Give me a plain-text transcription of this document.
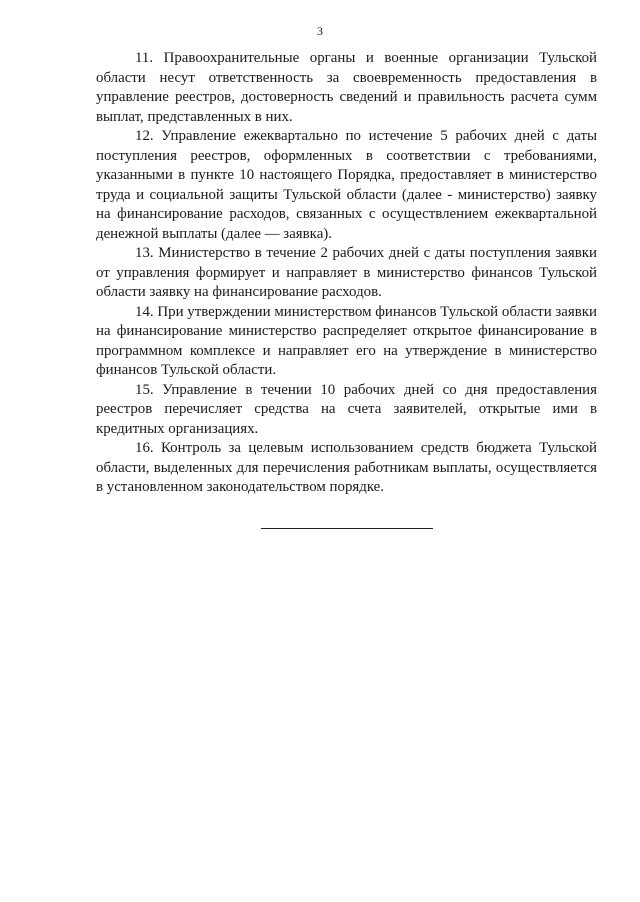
3

11. Правоохранительные органы и военные организации Тульской области несут ответственность за своевременность предоставления в управление реестров, достоверность сведений и правильность расчета сумм выплат, представленных в них.

12. Управление ежеквартально по истечение 5 рабочих дней с даты поступления реестров, оформленных в соответствии с требованиями, указанными в пункте 10 настоящего Порядка, предоставляет в министерство труда и социальной защиты Тульской области (далее - министерство) заявку на финансирование расходов, связанных с осуществлением ежеквартальной денежной выплаты (далее — заявка).

13. Министерство в течение 2 рабочих дней с даты поступления заявки от управления формирует и направляет в министерство финансов Тульской области заявку на финансирование расходов.

14. При утверждении министерством финансов Тульской области заявки на финансирование министерство распределяет открытое финансирование в программном комплексе и направляет его на утверждение в министерство финансов Тульской области.

15. Управление в течении 10 рабочих дней со дня предоставления реестров перечисляет средства на счета заявителей, открытые ими в кредитных организациях.

16. Контроль за целевым использованием средств бюджета Тульской области, выделенных для перечисления работникам выплаты, осуществляется в установленном законодательством порядке.
